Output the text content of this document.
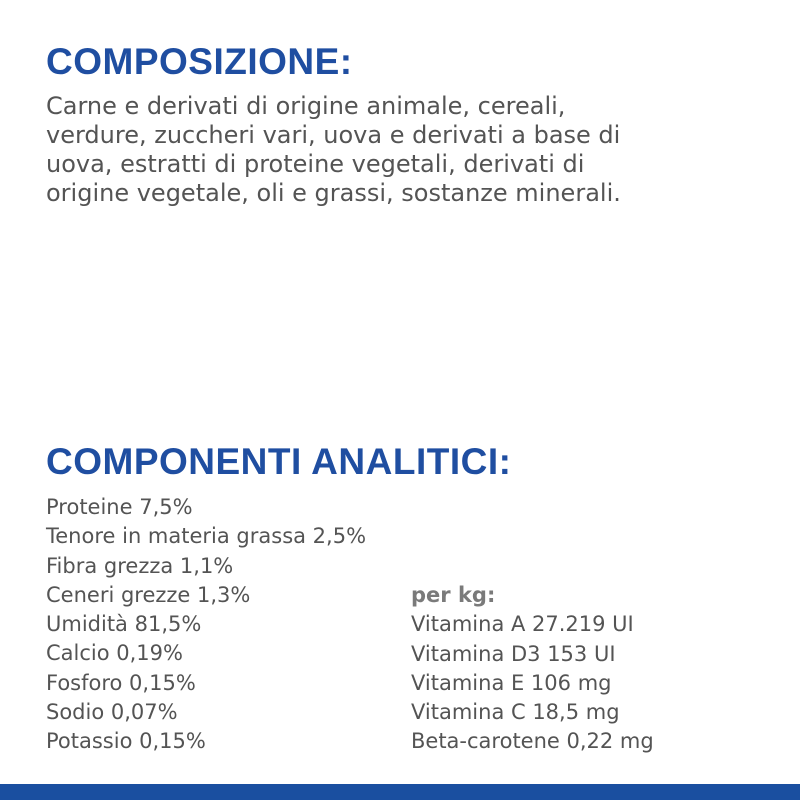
COMPOSIZIONE:

Carne e derivati di origine animale, cereali,
verdure, zuccheri vari, uova e derivati a base di
uova, estratti di proteine vegetali, derivati di
origine vegetale, oli e grassi, sostanze minerali.

COMPONENTI ANALITICI:
Proteine 7,5%
Tenore in materia grassa 2,5%
Fibra grezza 1,1%
Ceneri grezze 1,3%
Umidità 81,5%
Calcio 0,19%
Fosforo 0,15%
Sodio 0,07%
Potassio 0,15%
per kg:
Vitamina A 27.219 UI
Vitamina D3 153 UI
Vitamina E 106 mg
Vitamina C 18,5 mg
Beta-carotene 0,22 mg
